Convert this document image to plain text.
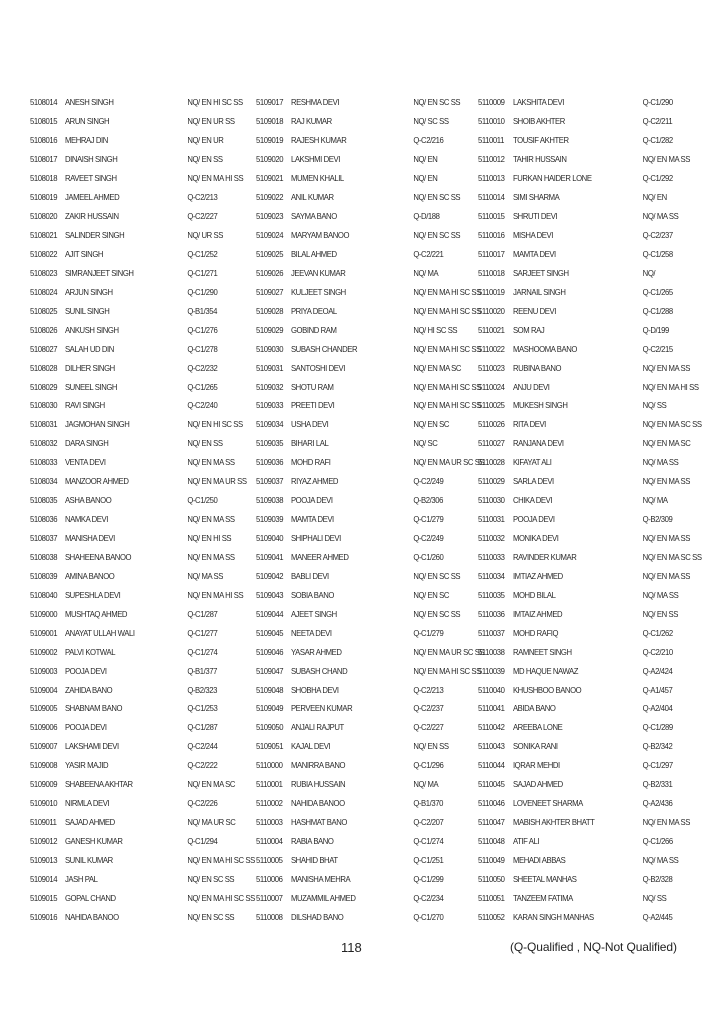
5108014 ANESH SINGH	NQ/ EN HI SC SS
5108015 ARUN SINGH	NQ/ EN UR SS
5108016 MEHRAJ DIN	NQ/ EN UR
5108017 DINAISH SINGH	NQ/ EN SS
5108018 RAVEET SINGH	NQ/ EN MA HI SS
5108019 JAMEEL AHMED	Q-C2/213
5108020 ZAKIR HUSSAIN	Q-C2/227
5108021 SALINDER SINGH	NQ/ UR SS
5108022 AJIT SINGH	Q-C1/252
5108023 SIMRANJEET SINGH	Q-C1/271
5108024 ARJUN SINGH	Q-C1/290
5108025 SUNIL SINGH	Q-B1/354
5108026 ANKUSH SINGH	Q-C1/276
5108027 SALAH UD DIN	Q-C1/278
5108028 DILHER SINGH	Q-C2/232
5108029 SUNEEL SINGH	Q-C1/265
5108030 RAVI SINGH	Q-C2/240
5108031 JAGMOHAN SINGH	NQ/ EN HI SC SS
5108032 DARA SINGH	NQ/ EN SS
5108033 VENTA DEVI	NQ/ EN MA SS
5108034 MANZOOR AHMED	NQ/ EN MA UR SS
5108035 ASHA BANOO	Q-C1/250
5108036 NAMKA DEVI	NQ/ EN MA SS
5108037 MANISHA DEVI	NQ/ EN HI SS
5108038 SHAHEENA BANOO	NQ/ EN MA SS
5108039 AMINA BANOO	NQ/ MA SS
5108040 SUPESHLA DEVI	NQ/ EN MA HI SS
5109000 MUSHTAQ AHMED	Q-C1/287
5109001 ANAYAT ULLAH WALI	Q-C1/277
5109002 PALVI KOTWAL	Q-C1/274
5109003 POOJA DEVI	Q-B1/377
5109004 ZAHIDA BANO	Q-B2/323
5109005 SHABNAM BANO	Q-C1/253
5109006 POOJA DEVI	Q-C1/287
5109007 LAKSHAMI DEVI	Q-C2/244
5109008 YASIR MAJID	Q-C2/222
5109009 SHABEENA AKHTAR	NQ/ EN MA SC
5109010 NIRMLA DEVI	Q-C2/226
5109011	SAJAD AHMED	NQ/ MA UR SC
5109012 GANESH KUMAR	Q-C1/294
5109013 SUNIL KUMAR	NQ/ EN MA HI SC SS
5109014 JASH PAL	NQ/ EN SC SS
5109015 GOPAL CHAND	NQ/ EN MA HI SC SS
5109016 NAHIDA BANOO	NQ/ EN SC SS
5109017 RESHMA DEVI	NQ/ EN SC SS
5109018 RAJ KUMAR	NQ/ SC SS
5109019 RAJESH KUMAR	Q-C2/216
5109020 LAKSHMI DEVI	NQ/ EN
5109021 MUMEN KHALIL	NQ/ EN
5109022 ANIL KUMAR	NQ/ EN SC SS
5109023 SAYMA BANO	Q-D/188
5109024 MARYAM BANOO	NQ/ EN SC SS
5109025 BILAL AHMED	Q-C2/221
5109026 JEEVAN KUMAR	NQ/ MA
5109027 KULJEET SINGH	NQ/ EN MA HI SC SS
5109028 PRIYA DEOAL	NQ/ EN MA HI SC SS
5109029 GOBIND RAM	NQ/ HI SC SS
5109030 SUBASH CHANDER	NQ/ EN MA HI SC SS
5109031 SANTOSHI DEVI	NQ/ EN MA SC
5109032 SHOTU RAM	NQ/ EN MA HI SC SS
5109033 PREETI DEVI	NQ/ EN MA HI SC SS
5109034 USHA DEVI	NQ/ EN SC
5109035 BIHARI LAL	NQ/ SC
5109036 MOHD RAFI	NQ/ EN MA UR SC SS
5109037 RIYAZ AHMED	Q-C2/249
5109038 POOJA DEVI	Q-B2/306
5109039 MAMTA DEVI	Q-C1/279
5109040 SHIPHALI DEVI	Q-C2/249
5109041 MANEER AHMED	Q-C1/260
5109042 BABLI DEVI	NQ/ EN SC SS
5109043 SOBIA BANO	NQ/ EN SC
5109044 AJEET SINGH	NQ/ EN SC SS
5109045 NEETA DEVI	Q-C1/279
5109046 YASAR AHMED	NQ/ EN MA UR SC SS
5109047 SUBASH CHAND	NQ/ EN MA HI SC SS
5109048 SHOBHA DEVI	Q-C2/213
5109049 PERVEEN KUMAR	Q-C2/237
5109050 ANJALI RAJPUT	Q-C2/227
5109051 KAJAL DEVI	NQ/ EN SS
5110000	MANIRRA BANO	Q-C1/296
5110001	RUBIA HUSSAIN	NQ/ MA
5110002	NAHIDA BANOO	Q-B1/370
5110003	HASHMAT BANO	Q-C2/207
5110004	RABIA BANO	Q-C1/274
5110005	SHAHID BHAT	Q-C1/251
5110006	MANISHA MEHRA	Q-C1/299
5110007	MUZAMMIL AHMED	Q-C2/234
5110008	DILSHAD BANO	Q-C1/270
5110009	LAKSHITA DEVI	Q-C1/290
5110010	SHOIB AKHTER	Q-C2/211
5110011	TOUSIF AKHTER	Q-C1/282
5110012	TAHIR HUSSAIN	NQ/ EN MA SS
5110013	FURKAN HAIDER LONE	Q-C1/292
5110014	SIMI SHARMA	NQ/ EN
5110015	SHRUTI DEVI	NQ/ MA SS
5110016	MISHA DEVI	Q-C2/237
5110017	MAMTA DEVI	Q-C1/258
5110018	SARJEET SINGH	NQ/
5110019	JARNAIL SINGH	Q-C1/265
5110020	REENU DEVI	Q-C1/288
5110021	SOM RAJ	Q-D/199
5110022	MASHOOMA BANO	Q-C2/215
5110023	RUBINA BANO	NQ/ EN MA SS
5110024	ANJU DEVI	NQ/ EN MA HI SS
5110025	MUKESH SINGH	NQ/ SS
5110026	RITA DEVI	NQ/ EN MA SC SS
5110027	RANJANA DEVI	NQ/ EN MA SC
5110028	KIFAYAT ALI	NQ/ MA SS
5110029	SARLA DEVI	NQ/ EN MA SS
5110030	CHIKA DEVI	NQ/ MA
5110031	POOJA DEVI	Q-B2/309
5110032	MONIKA DEVI	NQ/ EN MA SS
5110033	RAVINDER KUMAR	NQ/ EN MA SC SS
5110034	IMTIAZ AHMED	NQ/ EN MA SS
5110035	MOHD BILAL	NQ/ MA SS
5110036	IMTAIZ AHMED	NQ/ EN SS
5110037	MOHD RAFIQ	Q-C1/262
5110038	RAMNEET SINGH	Q-C2/210
5110039	MD HAQUE NAWAZ	Q-A2/424
5110040	KHUSHBOO BANOO	Q-A1/457
5110041	ABIDA BANO	Q-A2/404
5110042	AREEBA LONE	Q-C1/289
5110043	SONIKA RANI	Q-B2/342
5110044	IQRAR MEHDI	Q-C1/297
5110045	SAJAD AHMED	Q-B2/331
5110046	LOVENEET SHARMA	Q-A2/436
5110047	MABISH AKHTER BHATT	NQ/ EN MA SS
5110048	ATIF ALI	Q-C1/266
5110049	MEHADI ABBAS	NQ/ MA SS
5110050	SHEETAL MANHAS	Q-B2/328
5110051	TANZEEM FATIMA	NQ/ SS
5110052	KARAN SINGH MANHAS	Q-A2/445
118	(Q-Qualified , NQ-Not Qualified)
